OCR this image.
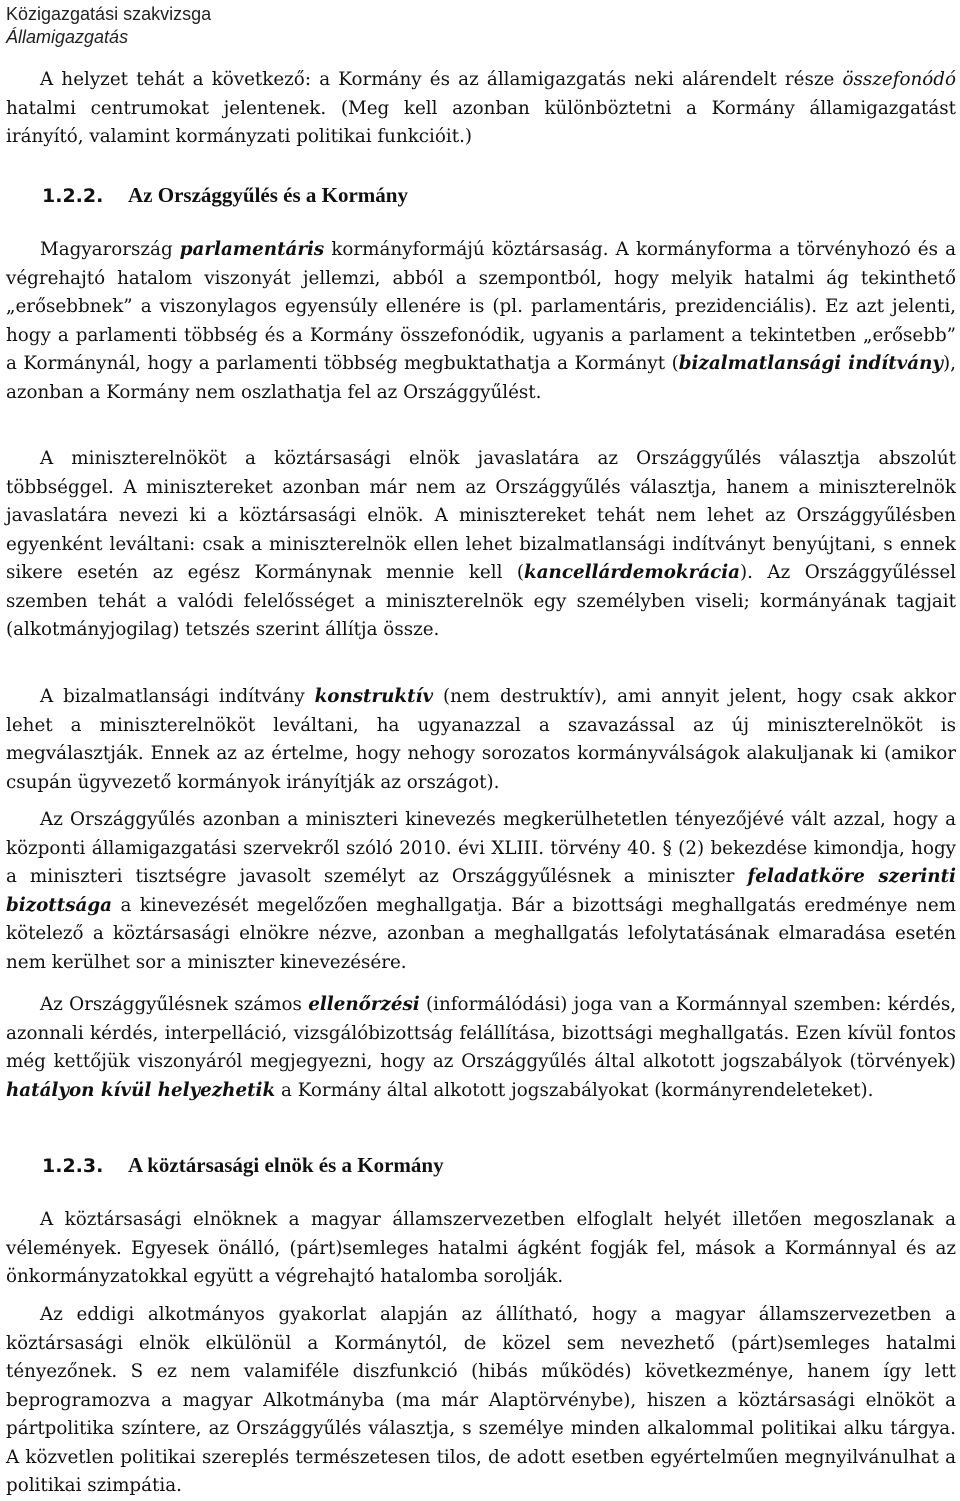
Közigazgatási szakvizsga
Államigazgatás
A helyzet tehát a következő: a Kormány és az államigazgatás neki alárendelt része összefonódó hatalmi centrumokat jelentenek. (Meg kell azonban különböztetni a Kormány államigazgatást irányító, valamint kormányzati politikai funkcióit.)
1.2.2. Az Országgyűlés és a Kormány
Magyarország parlamentáris kormányformájú köztársaság. A kormányforma a törvényhozó és a végrehajtó hatalom viszonyát jellemzi, abból a szempontból, hogy melyik hatalmi ág tekinthető „erősebbnek” a viszonylagos egyensúly ellenére is (pl. parlamentáris, prezidenciális). Ez azt jelenti, hogy a parlamenti többség és a Kormány összefonódik, ugyanis a parlament a tekintetben „erősebb” a Kormánynál, hogy a parlamenti többség megbuktathatja a Kormányt (bizalmatlansági indítvány), azonban a Kormány nem oszlathatja fel az Országgyűlést.
A miniszterelnököt a köztársasági elnök javaslatára az Országgyűlés választja abszolút többséggel. A minisztereket azonban már nem az Országgyűlés választja, hanem a miniszterelnök javaslatára nevezi ki a köztársasági elnök. A minisztereket tehát nem lehet az Országgyűlésben egyenként leváltani: csak a miniszterelnök ellen lehet bizalmatlansági indítványt benyújtani, s ennek sikere esetén az egész Kormánynak mennie kell (kancellárdemokrácia). Az Országgyűléssel szemben tehát a valódi felelősséget a miniszterelnök egy személyben viseli; kormányának tagjait (alkotmányjogilag) tetszés szerint állítja össze.
A bizalmatlansági indítvány konstruktív (nem destruktív), ami annyit jelent, hogy csak akkor lehet a miniszterelnököt leváltani, ha ugyanazzal a szavazással az új miniszterelnököt is megválasztják. Ennek az az értelme, hogy nehogy sorozatos kormányválságok alakuljanak ki (amikor csupán ügyvezető kormányok irányítják az országot).
Az Országgyűlés azonban a miniszteri kinevezés megkerülhetetlen tényezőjévé vált azzal, hogy a központi államigazgatási szervekről szóló 2010. évi XLIII. törvény 40. § (2) bekezdése kimondja, hogy a miniszteri tisztségre javasolt személyt az Országgyűlésnek a miniszter feladatköre szerinti bizottsága a kinevezését megelőzően meghallgatja. Bár a bizottsági meghallgatás eredménye nem kötelező a köztársasági elnökre nézve, azonban a meghallgatás lefolytatásának elmaradása esetén nem kerülhet sor a miniszter kinevezésére.
Az Országgyűlésnek számos ellenőrzési (informálódási) joga van a Kormánnyal szemben: kérdés, azonnali kérdés, interpelláció, vizsgálóbizottság felállítása, bizottsági meghallgatás. Ezen kívül fontos még kettőjük viszonyáról megjegyezni, hogy az Országgyűlés által alkotott jogszabályok (törvények) hatályon kívül helyezhetik a Kormány által alkotott jogszabályokat (kormányrendeleteket).
1.2.3. A köztársasági elnök és a Kormány
A köztársasági elnöknek a magyar államszervezetben elfoglalt helyét illetően megoszlanak a vélemények. Egyesek önálló, (párt)semleges hatalmi ágként fogják fel, mások a Kormánnyal és az önkormányzatokkal együtt a végrehajtó hatalomba sorolják.
Az eddigi alkotmányos gyakorlat alapján az állítható, hogy a magyar államszervezetben a köztársasági elnök elkülönül a Kormánytól, de közel sem nevezhető (párt)semleges hatalmi tényezőnek. S ez nem valamiféle diszfunkció (hibás működés) következménye, hanem így lett beprogramozva a magyar Alkotmányba (ma már Alaptörvénybe), hiszen a köztársasági elnököt a pártpolitika színtere, az Országgyűlés választja, s személye minden alkalommal politikai alku tárgya. A közvetlen politikai szereplés természetesen tilos, de adott esetben egyértelműen megnyilvánulhat a politikai szimpátia.
